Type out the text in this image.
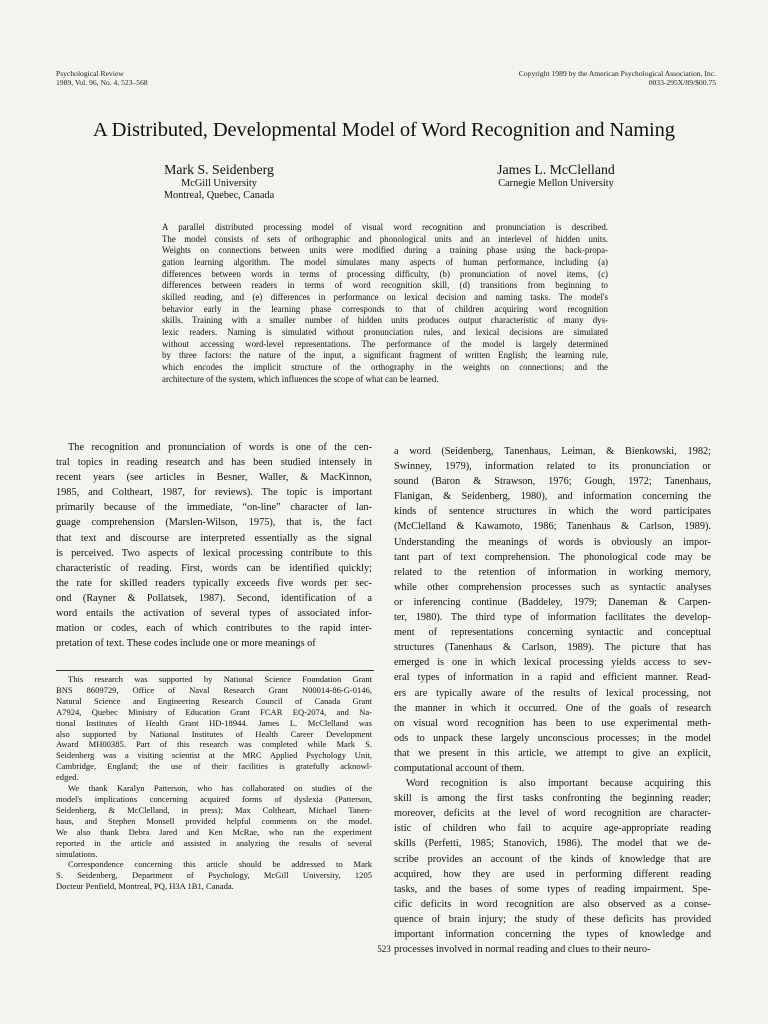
Psychological Review
1989, Vol. 96, No. 4, 523–568
Copyright 1989 by the American Psychological Association, Inc.
0033-295X/89/$00.75
A Distributed, Developmental Model of Word Recognition and Naming
Mark S. Seidenberg
McGill University
Montreal, Quebec, Canada
James L. McClelland
Carnegie Mellon University
A parallel distributed processing model of visual word recognition and pronunciation is described.
The model consists of sets of orthographic and phonological units and an interlevel of hidden units.
Weights on connections between units were modified during a training phase using the back-propa-
gation learning algorithm. The model simulates many aspects of human performance, including (a)
differences between words in terms of processing difficulty, (b) pronunciation of novel items, (c)
differences between readers in terms of word recognition skill, (d) transitions from beginning to
skilled reading, and (e) differences in performance on lexical decision and naming tasks. The model's
behavior early in the learning phase corresponds to that of children acquiring word recognition
skills. Training with a smaller number of hidden units produces output characteristic of many dys-
lexic readers. Naming is simulated without pronunciation rules, and lexical decisions are simulated
without accessing word-level representations. The performance of the model is largely determined
by three factors: the nature of the input, a significant fragment of written English; the learning rule,
which encodes the implicit structure of the orthography in the weights on connections; and the
architecture of the system, which influences the scope of what can be learned.
The recognition and pronunciation of words is one of the cen-
tral topics in reading research and has been studied intensely in
recent years (see articles in Besner, Waller, & MacKinnon,
1985, and Coltheart, 1987, for reviews). The topic is important
primarily because of the immediate, “on-line” character of lan-
guage comprehension (Marslen-Wilson, 1975), that is, the fact
that text and discourse are interpreted essentially as the signal
is perceived. Two aspects of lexical processing contribute to this
characteristic of reading. First, words can be identified quickly;
the rate for skilled readers typically exceeds five words per sec-
ond (Rayner & Pollatsek, 1987). Second, identification of a
word entails the activation of several types of associated infor-
mation or codes, each of which contributes to the rapid inter-
pretation of text. These codes include one or more meanings of
This research was supported by National Science Foundation Grant
BNS 8609729, Office of Naval Research Grant N00014-86-G-0146,
Natural Science and Engineering Research Council of Canada Grant
A7924, Quebec Ministry of Education Grant FCAR EQ-2074, and Na-
tional Institutes of Health Grant HD-18944. James L. McClelland was
also supported by National Institutes of Health Career Development
Award MH00385. Part of this research was completed while Mark S.
Seidenberg was a visiting scientist at the MRC Applied Psychology Unit,
Cambridge, England; the use of their facilities is gratefully acknowl-
edged.
We thank Karalyn Patterson, who has collaborated on studies of the
model's implications concerning acquired forms of dyslexia (Patterson,
Seidenberg, & McClelland, in press); Max Coltheart, Michael Tanen-
haus, and Stephen Monsell provided helpful comments on the model.
We also thank Debra Jared and Ken McRae, who ran the experiment
reported in the article and assisted in analyzing the results of several
simulations.
Correspondence concerning this article should be addressed to Mark
S. Seidenberg, Department of Psychology, McGill University, 1205
Docteur Penfield, Montreal, PQ, H3A 1B1, Canada.
a word (Seidenberg, Tanenhaus, Leiman, & Bienkowski, 1982;
Swinney, 1979), information related to its pronunciation or
sound (Baron & Strawson, 1976; Gough, 1972; Tanenhaus,
Flanigan, & Seidenberg, 1980), and information concerning the
kinds of sentence structures in which the word participates
(McClelland & Kawamoto, 1986; Tanenhaus & Carlson, 1989).
Understanding the meanings of words is obviously an impor-
tant part of text comprehension. The phonological code may be
related to the retention of information in working memory,
while other comprehension processes such as syntactic analyses
or inferencing continue (Baddeley, 1979; Daneman & Carpen-
ter, 1980). The third type of information facilitates the develop-
ment of representations concerning syntactic and conceptual
structures (Tanenhaus & Carlson, 1989). The picture that has
emerged is one in which lexical processing yields access to sev-
eral types of information in a rapid and efficient manner. Read-
ers are typically aware of the results of lexical processing, not
the manner in which it occurred. One of the goals of research
on visual word recognition has been to use experimental meth-
ods to unpack these largely unconscious processes; in the model
that we present in this article, we attempt to give an explicit,
computational account of them.
Word recognition is also important because acquiring this
skill is among the first tasks confronting the beginning reader;
moreover, deficits at the level of word recognition are character-
istic of children who fail to acquire age-appropriate reading
skills (Perfetti, 1985; Stanovich, 1986). The model that we de-
scribe provides an account of the kinds of knowledge that are
acquired, how they are used in performing different reading
tasks, and the bases of some types of reading impairment. Spe-
cific deficits in word recognition are also observed as a conse-
quence of brain injury; the study of these deficits has provided
important information concerning the types of knowledge and
processes involved in normal reading and clues to their neuro-
523
